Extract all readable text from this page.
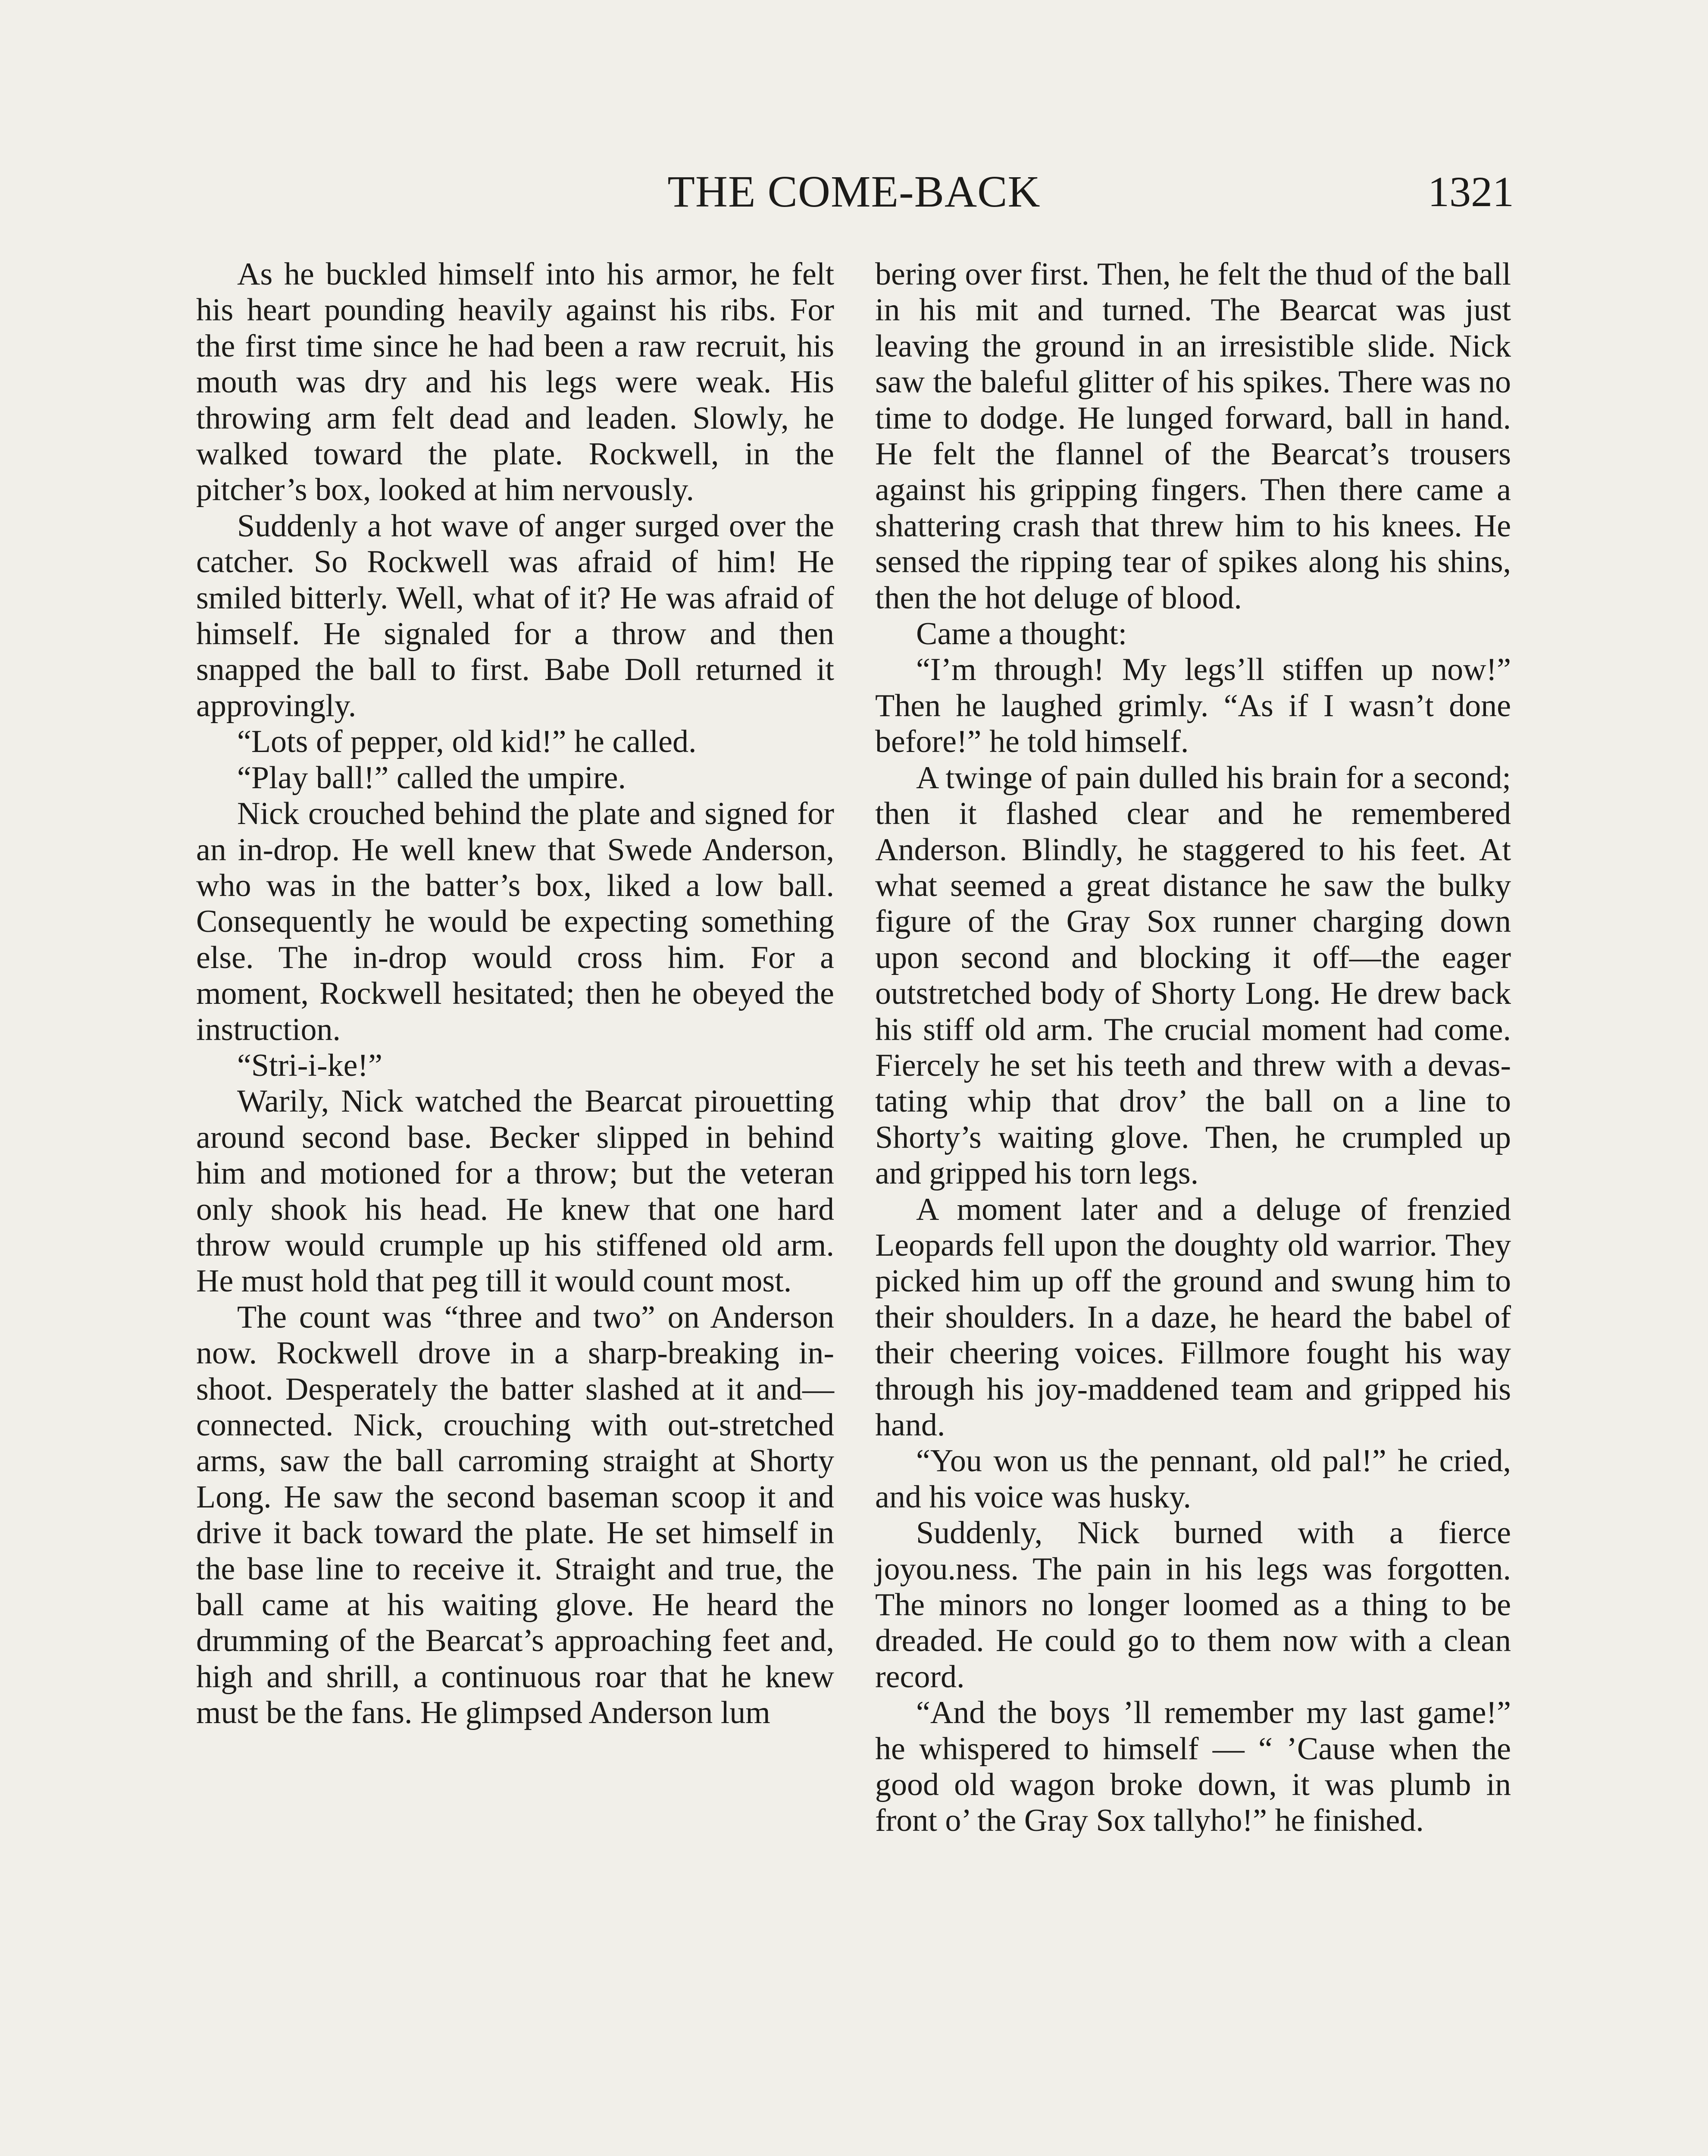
THE COME-BACK	1321

As he buckled himself into his armor, he felt his heart pounding heavily against his ribs. For the first time since he had been a raw recruit, his mouth was dry and his legs were weak. His throwing arm felt dead and leaden. Slowly, he walked toward the plate. Rockwell, in the pitcher’s box, looked at him nervously.

Suddenly a hot wave of anger surged over the catcher. So Rockwell was afraid of him! He smiled bitterly. Well, what of it? He was afraid of himself. He signaled for a throw and then snapped the ball to first. Babe Doll returned it approvingly.

“Lots of pepper, old kid!” he called.

“Play ball!” called the umpire.

Nick crouched behind the plate and signed for an in-drop. He well knew that Swede Anderson, who was in the batter’s box, liked a low ball. Consequently he would be expecting something else. The in-drop would cross him. For a moment, Rockwell hesitated; then he obeyed the instruction.

“Stri-i-ke!”

Warily, Nick watched the Bearcat pirouetting around second base. Becker slipped in behind him and motioned for a throw; but the veteran only shook his head. He knew that one hard throw would crumple up his stiffened old arm. He must hold that peg till it would count most.

The count was “three and two” on Anderson now. Rockwell drove in a sharp-breaking in-shoot. Desperately the batter slashed at it and—connected. Nick, crouching with out-stretched arms, saw the ball carroming straight at Shorty Long. He saw the second baseman scoop it and drive it back toward the plate. He set himself in the base line to receive it. Straight and true, the ball came at his waiting glove. He heard the drumming of the Bearcat’s approaching feet and, high and shrill, a continuous roar that he knew must be the fans. He glimpsed Anderson lum

bering over first. Then, he felt the thud of the ball in his mit and turned. The Bearcat was just leaving the ground in an irresistible slide. Nick saw the baleful glitter of his spikes. There was no time to dodge. He lunged forward, ball in hand. He felt the flannel of the Bearcat’s trousers against his gripping fingers. Then there came a shattering crash that threw him to his knees. He sensed the ripping tear of spikes along his shins, then the hot deluge of blood.

Came a thought:

“I’m through! My legs’ll stiffen up now!” Then he laughed grimly. “As if I wasn’t done before!” he told himself.

A twinge of pain dulled his brain for a second; then it flashed clear and he remembered Anderson. Blindly, he staggered to his feet. At what seemed a great distance he saw the bulky figure of the Gray Sox runner charging down upon second and blocking it off—the eager outstretched body of Shorty Long. He drew back his stiff old arm. The crucial moment had come. Fiercely he set his teeth and threw with a devastating whip that drov’ the ball on a line to Shorty’s waiting glove. Then, he crumpled up and gripped his torn legs.

A moment later and a deluge of frenzied Leopards fell upon the doughty old warrior. They picked him up off the ground and swung him to their shoulders. In a daze, he heard the babel of their cheering voices. Fillmore fought his way through his joy-maddened team and gripped his hand.

“You won us the pennant, old pal!” he cried, and his voice was husky.

Suddenly, Nick burned with a fierce joyou.ness. The pain in his legs was forgotten. The minors no longer loomed as a thing to be dreaded. He could go to them now with a clean record.

“And the boys ’ll remember my last game!” he whispered to himself — “ ’Cause when the good old wagon broke down, it was plumb in front o’ the Gray Sox tallyho!” he finished.
